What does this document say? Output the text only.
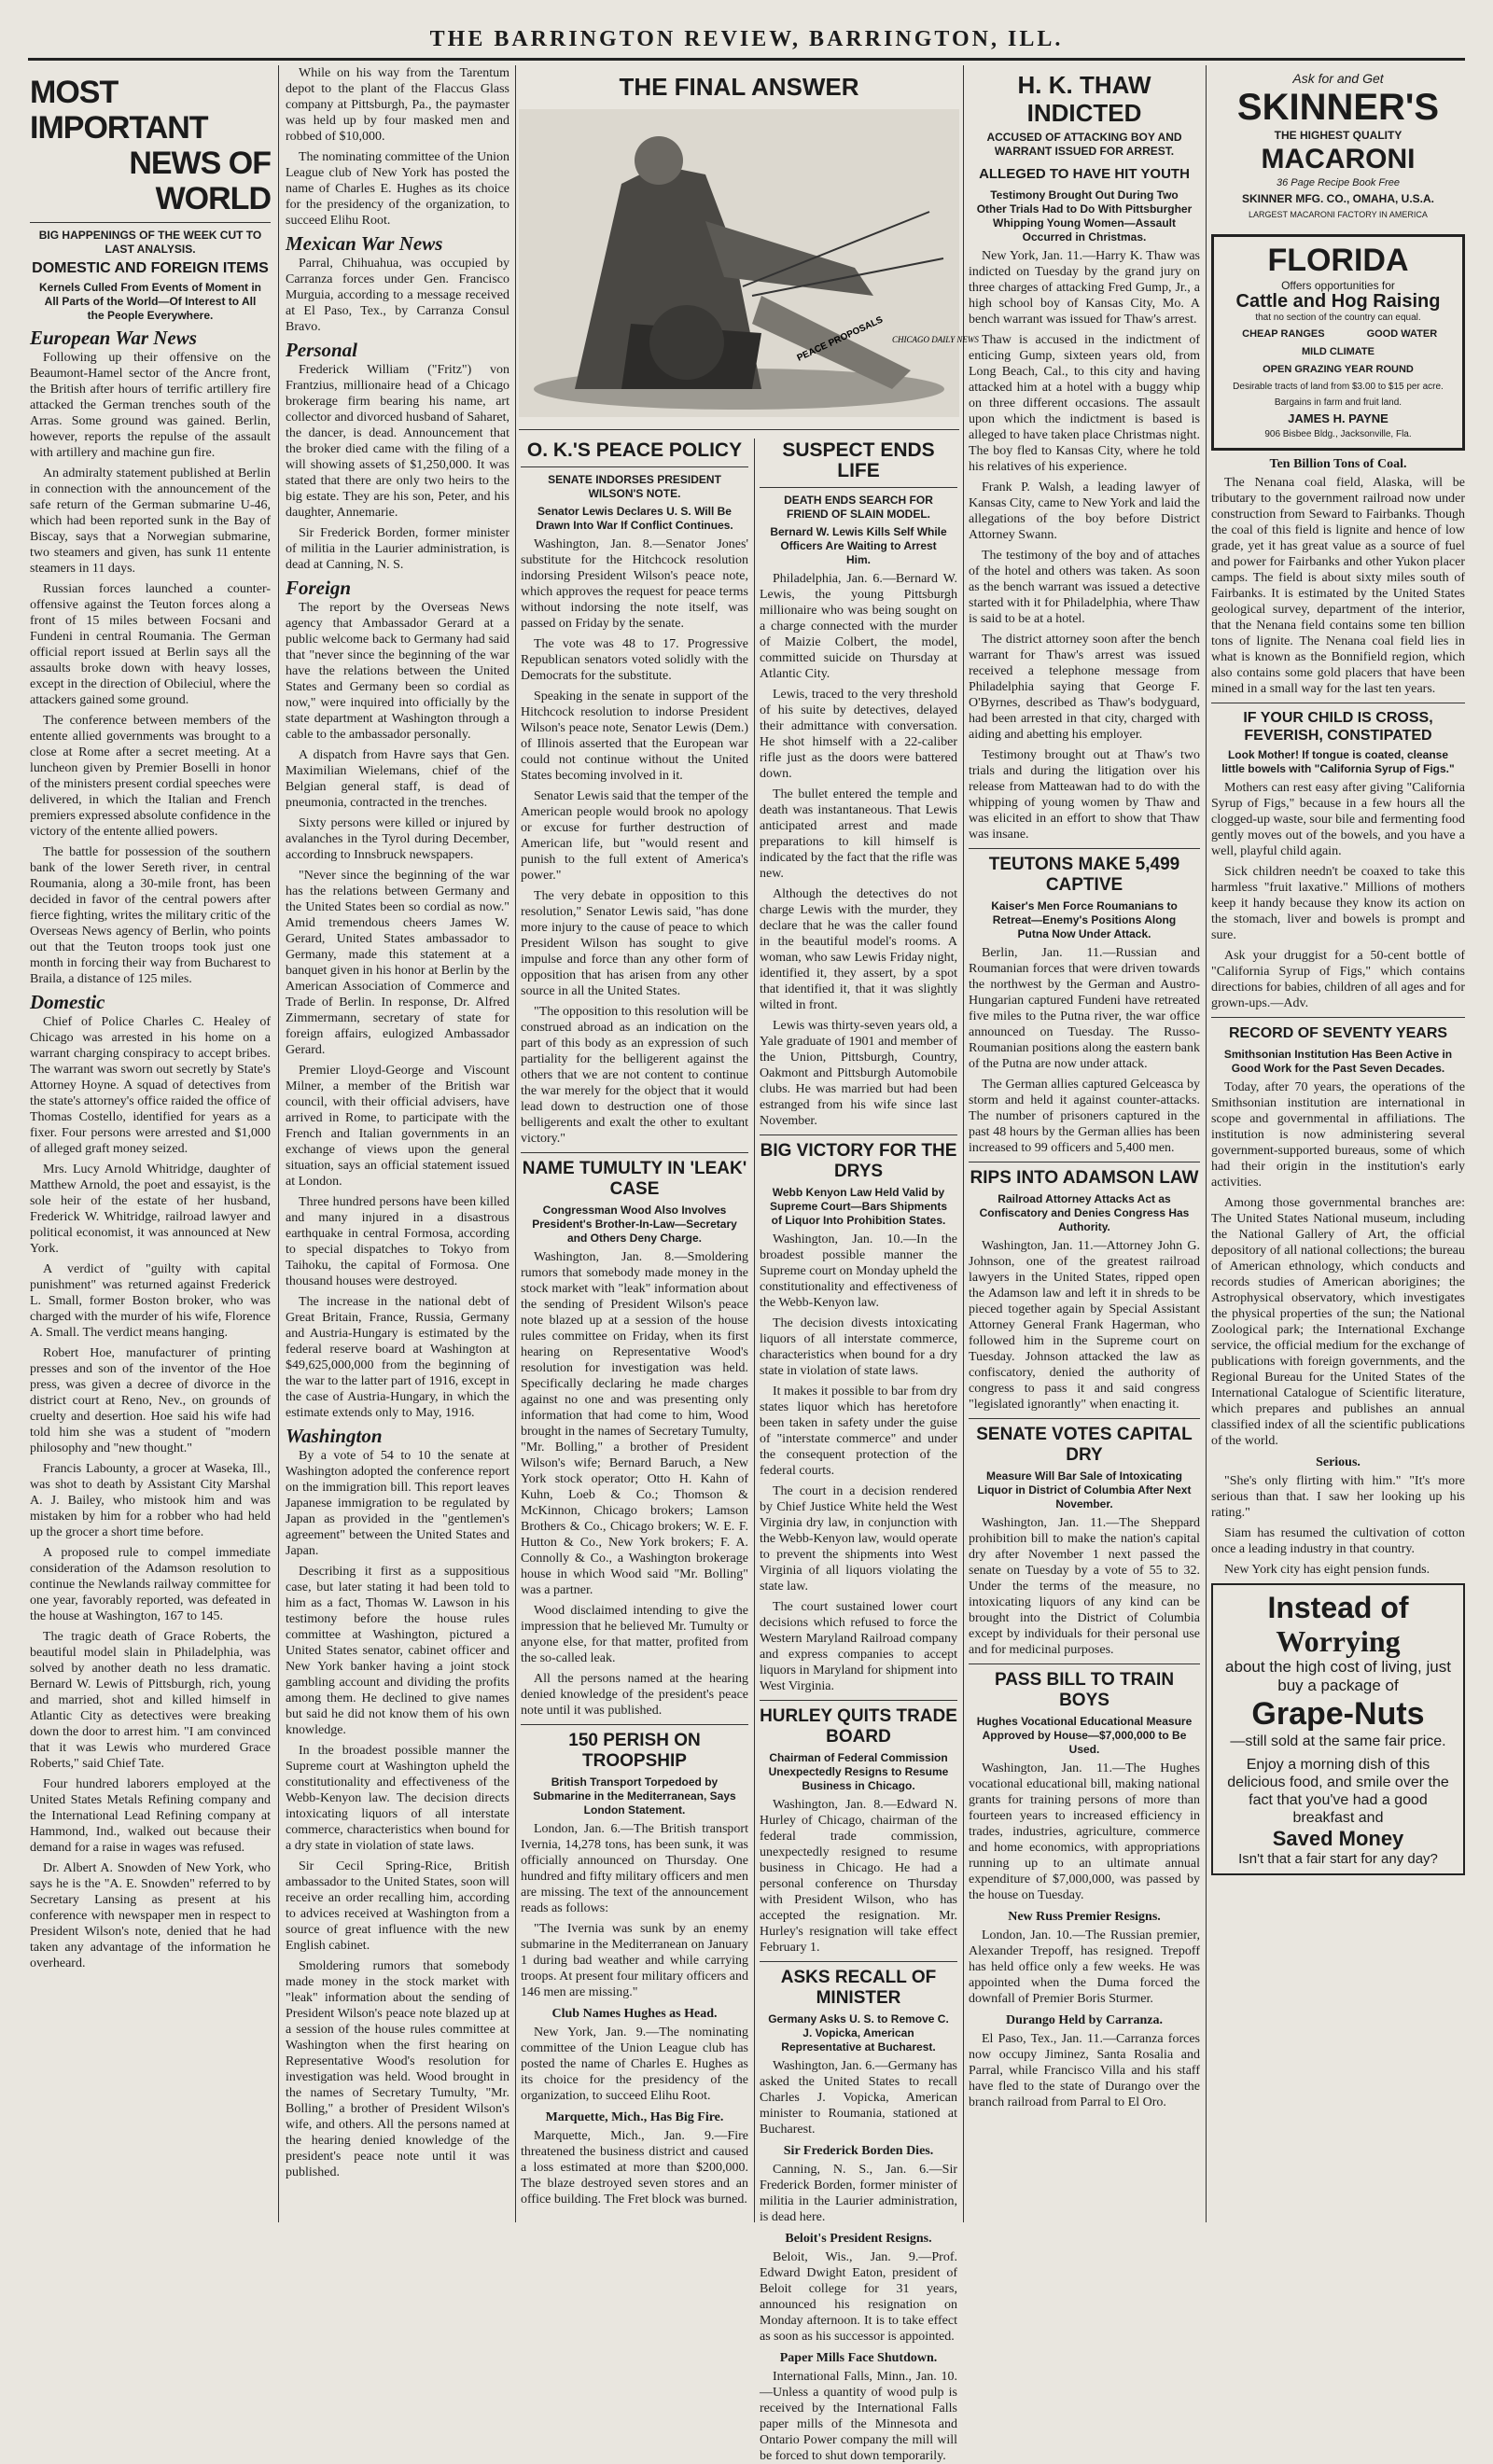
THE BARRINGTON REVIEW, BARRINGTON, ILL.
MOST IMPORTANT
NEWS OF WORLD
BIG HAPPENINGS OF THE WEEK CUT TO LAST ANALYSIS.
DOMESTIC AND FOREIGN ITEMS
Kernels Culled From Events of Moment in All Parts of the World—Of Interest to All the People Everywhere.
European War News

Following up their offensive on the Beaumont-Hamel sector of the Ancre front, the British after hours of terrific artillery fire attacked the German trenches south of the Arras. Some ground was gained. Berlin, however, reports the repulse of the assault with artillery and machine gun fire.

An admiralty statement published at Berlin in connection with the announcement of the safe return of the German submarine U-46, which had been reported sunk in the Bay of Biscay, says that a Norwegian submarine, two steamers and given, has sunk 11 entente steamers in 11 days.

Russian forces launched a counter-offensive against the Teuton forces along a front of 15 miles between Focsani and Fundeni in central Roumania. The German official report issued at Berlin says all the assaults broke down with heavy losses, except in the direction of Obileciul, where the attackers gained some ground.

The conference between members of the entente allied governments was brought to a close at Rome after a secret meeting. At a luncheon given by Premier Boselli in honor of the ministers present cordial speeches were delivered, in which the Italian and French premiers expressed absolute confidence in the victory of the entente allied powers.

The battle for possession of the southern bank of the lower Sereth river, in central Roumania, along a 30-mile front, has been decided in favor of the central powers after fierce fighting, writes the military critic of the Overseas News agency of Berlin, who points out that the Teuton troops took just one month in forcing their way from Bucharest to Braila, a distance of 125 miles.

Domestic

Chief of Police Charles C. Healey of Chicago was arrested in his home on a warrant charging conspiracy to accept bribes. The warrant was sworn out secretly by State's Attorney Hoyne. A squad of detectives from the state's attorney's office raided the office of Thomas Costello, identified for years as a fixer. Four persons were arrested and $1,000 of alleged graft money seized.

Mrs. Lucy Arnold Whitridge, daughter of Matthew Arnold, the poet and essayist, is the sole heir of the estate of her husband, Frederick W. Whitridge, railroad lawyer and political economist, it was announced at New York.

A verdict of "guilty with capital punishment" was returned against Frederick L. Small, former Boston broker, who was charged with the murder of his wife, Florence A. Small. The verdict means hanging.

Robert Hoe, manufacturer of printing presses and son of the inventor of the Hoe press, was given a decree of divorce in the district court at Reno, Nev., on grounds of cruelty and desertion. Hoe said his wife had told him she was a student of "modern philosophy and "new thought."

Francis Labounty, a grocer at Waseka, Ill., was shot to death by Assistant City Marshal A. J. Bailey, who mistook him and was mistaken by him for a robber who had held up the grocer a short time before.

A proposed rule to compel immediate consideration of the Adamson resolution to continue the Newlands railway committee for one year, favorably reported, was defeated in the house at Washington, 167 to 145.

The tragic death of Grace Roberts, the beautiful model slain in Philadelphia, was solved by another death no less dramatic. Bernard W. Lewis of Pittsburgh, rich, young and married, shot and killed himself in Atlantic City as detectives were breaking down the door to arrest him. "I am convinced that it was Lewis who murdered Grace Roberts," said Chief Tate.

Four hundred laborers employed at the United States Metals Refining company and the International Lead Refining company at Hammond, Ind., walked out because their demand for a raise in wages was refused.

Dr. Albert A. Snowden of New York, who says he is the "A. E. Snowden" referred to by Secretary Lansing as present at his conference with newspaper men in respect to President Wilson's note, denied that he had taken any advantage of the information he overheard.

While on his way from the Tarentum depot to the plant of the Flaccus Glass company at Pittsburgh, Pa., the paymaster was held up by four masked men and robbed of $10,000.

The nominating committee of the Union League club of New York has posted the name of Charles E. Hughes as its choice for the presidency of the organization, to succeed Elihu Root.

Mexican War News

Parral, Chihuahua, was occupied by Carranza forces under Gen. Francisco Murguia, according to a message received at El Paso, Tex., by Carranza Consul Bravo.

Personal

Frederick William ("Fritz") von Frantzius, millionaire head of a Chicago brokerage firm bearing his name, art collector and divorced husband of Saharet, the dancer, is dead. Announcement that the broker died came with the filing of a will showing assets of $1,250,000. It was stated that there are only two heirs to the big estate. They are his son, Peter, and his daughter, Annemarie.

Sir Frederick Borden, former minister of militia in the Laurier administration, is dead at Canning, N. S.

Foreign

The report by the Overseas News agency that Ambassador Gerard at a public welcome back to Germany had said that "never since the beginning of the war have the relations between the United States and Germany been so cordial as now," were inquired into officially by the state department at Washington through a cable to the ambassador personally.

A dispatch from Havre says that Gen. Maximilian Wielemans, chief of the Belgian general staff, is dead of pneumonia, contracted in the trenches.

Sixty persons were killed or injured by avalanches in the Tyrol during December, according to Innsbruck newspapers.

"Never since the beginning of the war has the relations between Germany and the United States been so cordial as now." Amid tremendous cheers James W. Gerard, United States ambassador to Germany, made this statement at a banquet given in his honor at Berlin by the American Association of Commerce and Trade of Berlin. In response, Dr. Alfred Zimmermann, secretary of state for foreign affairs, eulogized Ambassador Gerard.

Premier Lloyd-George and Viscount Milner, a member of the British war council, with their official advisers, have arrived in Rome, to participate with the French and Italian governments in an exchange of views upon the general situation, says an official statement issued at London.

Three hundred persons have been killed and many injured in a disastrous earthquake in central Formosa, according to special dispatches to Tokyo from Taihoku, the capital of Formosa. One thousand houses were destroyed.

The increase in the national debt of Great Britain, France, Russia, Germany and Austria-Hungary is estimated by the federal reserve board at Washington at $49,625,000,000 from the beginning of the war to the latter part of 1916, except in the case of Austria-Hungary, in which the estimate extends only to May, 1916.

Washington

By a vote of 54 to 10 the senate at Washington adopted the conference report on the immigration bill. This report leaves Japanese immigration to be regulated by Japan as provided in the "gentlemen's agreement" between the United States and Japan.

Describing it first as a suppositious case, but later stating it had been told to him as a fact, Thomas W. Lawson in his testimony before the house rules committee at Washington, pictured a United States senator, cabinet officer and New York banker having a joint stock gambling account and dividing the profits among them. He declined to give names but said he did not know them of his own knowledge.

In the broadest possible manner the Supreme court at Washington upheld the constitutionality and effectiveness of the Webb-Kenyon law. The decision directs intoxicating liquors of all interstate commerce, characteristics when bound for a dry state in violation of state laws.

Sir Cecil Spring-Rice, British ambassador to the United States, soon will receive an order recalling him, according to advices received at Washington from a source of great influence with the new English cabinet.

Smoldering rumors that somebody made money in the stock market with "leak" information about the sending of President Wilson's peace note blazed up at a session of the house rules committee at Washington when the first hearing on Representative Wood's resolution for investigation was held. Wood brought in the names of Secretary Tumulty, "Mr. Bolling," a brother of President Wilson's wife, and others. All the persons named at the hearing denied knowledge of the president's peace note until it was published.

THE FINAL ANSWER
PEACE PROPOSALS CHICAGO DAILY NEWS
O. K.'S PEACE POLICY
SENATE INDORSES PRESIDENT WILSON'S NOTE.
Senator Lewis Declares U. S. Will Be Drawn Into War If Conflict Continues.

Washington, Jan. 8.—Senator Jones' substitute for the Hitchcock resolution indorsing President Wilson's peace note, which approves the request for peace terms without indorsing the note itself, was passed on Friday by the senate.

The vote was 48 to 17. Progressive Republican senators voted solidly with the Democrats for the substitute.

Speaking in the senate in support of the Hitchcock resolution to indorse President Wilson's peace note, Senator Lewis (Dem.) of Illinois asserted that the European war could not continue without the United States becoming involved in it.

Senator Lewis said that the temper of the American people would brook no apology or excuse for further destruction of American life, but "would resent and punish to the full extent of America's power."

The very debate in opposition to this resolution," Senator Lewis said, "has done more injury to the cause of peace to which President Wilson has sought to give impulse and force than any other form of opposition that has arisen from any other source in all the United States.

"The opposition to this resolution will be construed abroad as an indication on the part of this body as an expression of such partiality for the belligerent against the others that we are not content to continue the war merely for the object that it would lead down to destruction one of those belligerents and exalt the other to exultant victory."

NAME TUMULTY IN 'LEAK' CASE
Congressman Wood Also Involves President's Brother-In-Law—Secretary and Others Deny Charge.

Washington, Jan. 8.—Smoldering rumors that somebody made money in the stock market with "leak" information about the sending of President Wilson's peace note blazed up at a session of the house rules committee on Friday, when its first hearing on Representative Wood's resolution for investigation was held. Specifically declaring he made charges against no one and was presenting only information that had come to him, Wood brought in the names of Secretary Tumulty, "Mr. Bolling," a brother of President Wilson's wife; Bernard Baruch, a New York stock operator; Otto H. Kahn of Kuhn, Loeb & Co.; Thomson & McKinnon, Chicago brokers; Lamson Brothers & Co., Chicago brokers; W. E. F. Hutton & Co., New York brokers; F. A. Connolly & Co., a Washington brokerage house in which Wood said "Mr. Bolling" was a partner.

Wood disclaimed intending to give the impression that he believed Mr. Tumulty or anyone else, for that matter, profited from the so-called leak.

All the persons named at the hearing denied knowledge of the president's peace note until it was published.

150 PERISH ON TROOPSHIP
British Transport Torpedoed by Submarine in the Mediterranean, Says London Statement.

London, Jan. 6.—The British transport Ivernia, 14,278 tons, has been sunk, it was officially announced on Thursday. One hundred and fifty military officers and men are missing. The text of the announcement reads as follows:

"The Ivernia was sunk by an enemy submarine in the Mediterranean on January 1 during bad weather and while carrying troops. At present four military officers and 146 men are missing."

Club Names Hughes as Head.

New York, Jan. 9.—The nominating committee of the Union League club has posted the name of Charles E. Hughes as its choice for the presidency of the organization, to succeed Elihu Root.

Marquette, Mich., Has Big Fire.

Marquette, Mich., Jan. 9.—Fire threatened the business district and caused a loss estimated at more than $200,000. The blaze destroyed seven stores and an office building. The Fret block was burned.

SUSPECT ENDS LIFE
DEATH ENDS SEARCH FOR FRIEND OF SLAIN MODEL.
Bernard W. Lewis Kills Self While Officers Are Waiting to Arrest Him.

Philadelphia, Jan. 6.—Bernard W. Lewis, the young Pittsburgh millionaire who was being sought on a charge connected with the murder of Maizie Colbert, the model, committed suicide on Thursday at Atlantic City.

Lewis, traced to the very threshold of his suite by detectives, delayed their admittance with conversation. He shot himself with a 22-caliber rifle just as the doors were battered down.

The bullet entered the temple and death was instantaneous. That Lewis anticipated arrest and made preparations to kill himself is indicated by the fact that the rifle was new.

Although the detectives do not charge Lewis with the murder, they declare that he was the caller found in the beautiful model's rooms. A woman, who saw Lewis Friday night, identified it, they assert, by a spot that identified it, that it was slightly wilted in front.

Lewis was thirty-seven years old, a Yale graduate of 1901 and member of the Union, Pittsburgh, Country, Oakmont and Pittsburgh Automobile clubs. He was married but had been estranged from his wife since last November.

BIG VICTORY FOR THE DRYS
Webb Kenyon Law Held Valid by Supreme Court—Bars Shipments of Liquor Into Prohibition States.

Washington, Jan. 10.—In the broadest possible manner the Supreme court on Monday upheld the constitutionality and effectiveness of the Webb-Kenyon law.

The decision divests intoxicating liquors of all interstate commerce, characteristics when bound for a dry state in violation of state laws.

It makes it possible to bar from dry states liquor which has heretofore been taken in safety under the guise of "interstate commerce" and under the consequent protection of the federal courts.

The court in a decision rendered by Chief Justice White held the West Virginia dry law, in conjunction with the Webb-Kenyon law, would operate to prevent the shipments into West Virginia of all liquors violating the state law.

The court sustained lower court decisions which refused to force the Western Maryland Railroad company and express companies to accept liquors in Maryland for shipment into West Virginia.

HURLEY QUITS TRADE BOARD
Chairman of Federal Commission Unexpectedly Resigns to Resume Business in Chicago.

Washington, Jan. 8.—Edward N. Hurley of Chicago, chairman of the federal trade commission, unexpectedly resigned to resume business in Chicago. He had a personal conference on Thursday with President Wilson, who has accepted the resignation. Mr. Hurley's resignation will take effect February 1.

ASKS RECALL OF MINISTER
Germany Asks U. S. to Remove C. J. Vopicka, American Representative at Bucharest.

Washington, Jan. 6.—Germany has asked the United States to recall Charles J. Vopicka, American minister to Roumania, stationed at Bucharest.

Sir Frederick Borden Dies.

Canning, N. S., Jan. 6.—Sir Frederick Borden, former minister of militia in the Laurier administration, is dead here.

Beloit's President Resigns.

Beloit, Wis., Jan. 9.—Prof. Edward Dwight Eaton, president of Beloit college for 31 years, announced his resignation on Monday afternoon. It is to take effect as soon as his successor is appointed.

Paper Mills Face Shutdown.

International Falls, Minn., Jan. 10.—Unless a quantity of wood pulp is received by the International Falls paper mills of the Minnesota and Ontario Power company the mill will be forced to shut down temporarily.

H. K. THAW INDICTED
ACCUSED OF ATTACKING BOY AND WARRANT ISSUED FOR ARREST.
ALLEGED TO HAVE HIT YOUTH
Testimony Brought Out During Two Other Trials Had to Do With Pittsburgher Whipping Young Women—Assault Occurred in Christmas.

New York, Jan. 11.—Harry K. Thaw was indicted on Tuesday by the grand jury on three charges of attacking Fred Gump, Jr., a high school boy of Kansas City, Mo. A bench warrant was issued for Thaw's arrest.

Thaw is accused in the indictment of enticing Gump, sixteen years old, from Long Beach, Cal., to this city and having attacked him at a hotel with a buggy whip on three different occasions. The assault upon which the indictment is based is alleged to have taken place Christmas night. The boy fled to Kansas City, where he told his relatives of his experience.

Frank P. Walsh, a leading lawyer of Kansas City, came to New York and laid the allegations of the boy before District Attorney Swann.

The testimony of the boy and of attaches of the hotel and others was taken. As soon as the bench warrant was issued a detective started with it for Philadelphia, where Thaw is said to be at a hotel.

The district attorney soon after the bench warrant for Thaw's arrest was issued received a telephone message from Philadelphia saying that George F. O'Byrnes, described as Thaw's bodyguard, had been arrested in that city, charged with aiding and abetting his employer.

Testimony brought out at Thaw's two trials and during the litigation over his release from Matteawan had to do with the whipping of young women by Thaw and was elicited in an effort to show that Thaw was insane.

TEUTONS MAKE 5,499 CAPTIVE
Kaiser's Men Force Roumanians to Retreat—Enemy's Positions Along Putna Now Under Attack.

Berlin, Jan. 11.—Russian and Roumanian forces that were driven towards the northwest by the German and Austro-Hungarian captured Fundeni have retreated five miles to the Putna river, the war office announced on Tuesday. The Russo-Roumanian positions along the eastern bank of the Putna are now under attack.

The German allies captured Gelceasca by storm and held it against counter-attacks. The number of prisoners captured in the past 48 hours by the German allies has been increased to 99 officers and 5,400 men.

RIPS INTO ADAMSON LAW
Railroad Attorney Attacks Act as Confiscatory and Denies Congress Has Authority.

Washington, Jan. 11.—Attorney John G. Johnson, one of the greatest railroad lawyers in the United States, ripped open the Adamson law and left it in shreds to be pieced together again by Special Assistant Attorney General Frank Hagerman, who followed him in the Supreme court on Tuesday. Johnson attacked the law as confiscatory, denied the authority of congress to pass it and said congress "legislated ignorantly" when enacting it.

SENATE VOTES CAPITAL DRY
Measure Will Bar Sale of Intoxicating Liquor in District of Columbia After Next November.

Washington, Jan. 11.—The Sheppard prohibition bill to make the nation's capital dry after November 1 next passed the senate on Tuesday by a vote of 55 to 32. Under the terms of the measure, no intoxicating liquors of any kind can be brought into the District of Columbia except by individuals for their personal use and for medicinal purposes.

PASS BILL TO TRAIN BOYS
Hughes Vocational Educational Measure Approved by House—$7,000,000 to Be Used.

Washington, Jan. 11.—The Hughes vocational educational bill, making national grants for training persons of more than fourteen years to increased efficiency in trades, industries, agriculture, commerce and home economics, with appropriations running up to an ultimate annual expenditure of $7,000,000, was passed by the house on Tuesday.

New Russ Premier Resigns.

London, Jan. 10.—The Russian premier, Alexander Trepoff, has resigned. Trepoff has held office only a few weeks. He was appointed when the Duma forced the downfall of Premier Boris Sturmer.

Durango Held by Carranza.

El Paso, Tex., Jan. 11.—Carranza forces now occupy Jiminez, Santa Rosalia and Parral, while Francisco Villa and his staff have fled to the state of Durango over the branch railroad from Parral to El Oro.

Ask for and Get
SKINNER'S
THE HIGHEST QUALITY
MACARONI
36 Page Recipe Book Free
SKINNER MFG. CO., OMAHA, U.S.A.
LARGEST MACARONI FACTORY IN AMERICA
FLORIDA
Offers opportunities for
Cattle and Hog Raising
that no section of the country can equal.
CHEAP RANGES	GOOD WATER
MILD CLIMATE
OPEN GRAZING YEAR ROUND
Desirable tracts of land from $3.00 to $15 per acre. Bargains in farm and fruit land.
JAMES H. PAYNE
906 Bisbee Bldg., Jacksonville, Fla.
Ten Billion Tons of Coal.

The Nenana coal field, Alaska, will be tributary to the government railroad now under construction from Seward to Fairbanks. Though the coal of this field is lignite and hence of low grade, yet it has great value as a source of fuel and power for Fairbanks and other Yukon placer camps. The field is about sixty miles south of Fairbanks. It is estimated by the United States geological survey, department of the interior, that the Nenana field contains some ten billion tons of lignite. The Nenana coal field lies in what is known as the Bonnifield region, which also contains some gold placers that have been mined in a small way for the last ten years.

IF YOUR CHILD IS CROSS, FEVERISH, CONSTIPATED
Look Mother! If tongue is coated, cleanse little bowels with "California Syrup of Figs."

Mothers can rest easy after giving "California Syrup of Figs," because in a few hours all the clogged-up waste, sour bile and fermenting food gently moves out of the bowels, and you have a well, playful child again.

Sick children needn't be coaxed to take this harmless "fruit laxative." Millions of mothers keep it handy because they know its action on the stomach, liver and bowels is prompt and sure.

Ask your druggist for a 50-cent bottle of "California Syrup of Figs," which contains directions for babies, children of all ages and for grown-ups.—Adv.

RECORD OF SEVENTY YEARS
Smithsonian Institution Has Been Active in Good Work for the Past Seven Decades.

Today, after 70 years, the operations of the Smithsonian institution are international in scope and governmental in affiliations. The institution is now administering several government-supported bureaus, some of which had their origin in the institution's early activities.

Among those governmental branches are: The United States National museum, including the National Gallery of Art, the official depository of all national collections; the bureau of American ethnology, which conducts and records studies of American aborigines; the Astrophysical observatory, which investigates the physical properties of the sun; the National Zoological park; the International Exchange service, the official medium for the exchange of publications with foreign governments, and the Regional Bureau for the United States of the International Catalogue of Scientific literature, which prepares and publishes an annual classified index of all the scientific publications of the world.

Serious.

"She's only flirting with him." "It's more serious than that. I saw her looking up his rating."

Siam has resumed the cultivation of cotton once a leading industry in that country.

New York city has eight pension funds.

Instead of
Worrying
about the high cost of living, just buy a package of
Grape-Nuts
—still sold at the same fair price.
Enjoy a morning dish of this delicious food, and smile over the fact that you've had a good breakfast and
Saved Money
Isn't that a fair start for any day?
